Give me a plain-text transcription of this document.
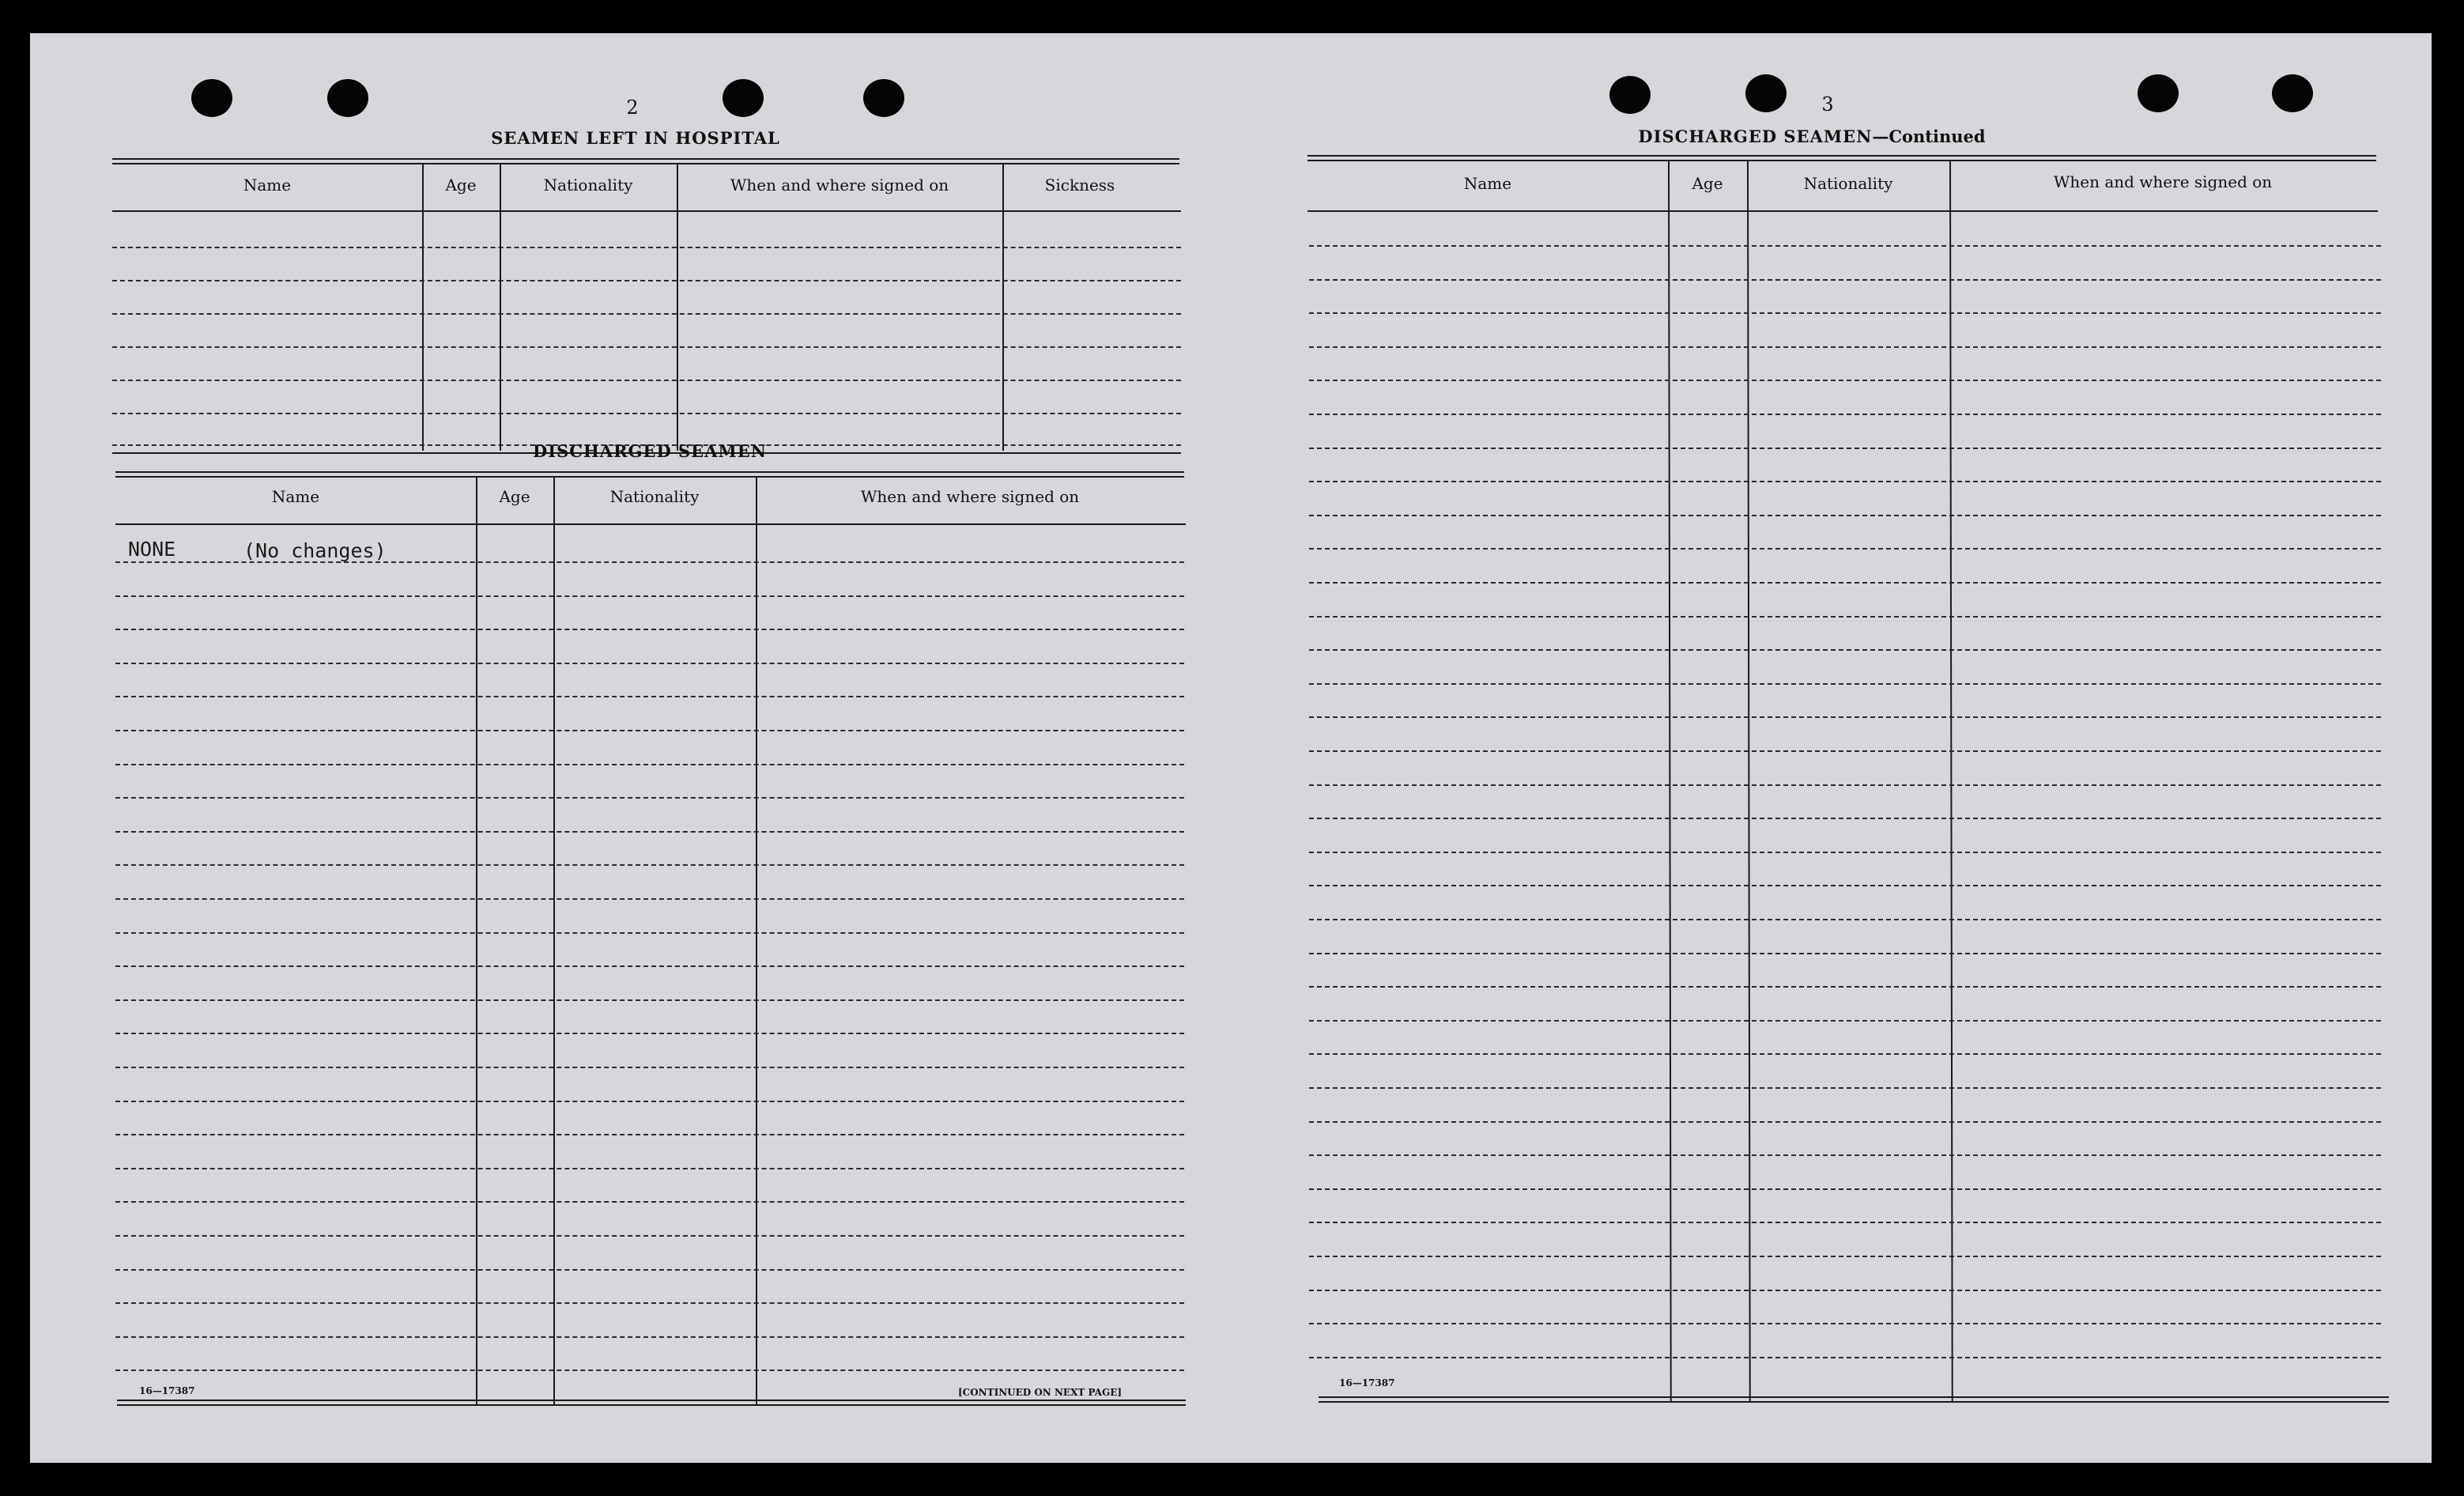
2
SEAMEN LEFT IN HOSPITAL
Name	Age	Nationality	When and where signed on	Sickness
DISCHARGED SEAMEN
Name	Age	Nationality	When and where signed on
NONE	(No changes)
16—17387	[CONTINUED ON NEXT PAGE]
3
DISCHARGED SEAMEN—Continued
Name	Age	Nationality	When and where signed on
16—17387
